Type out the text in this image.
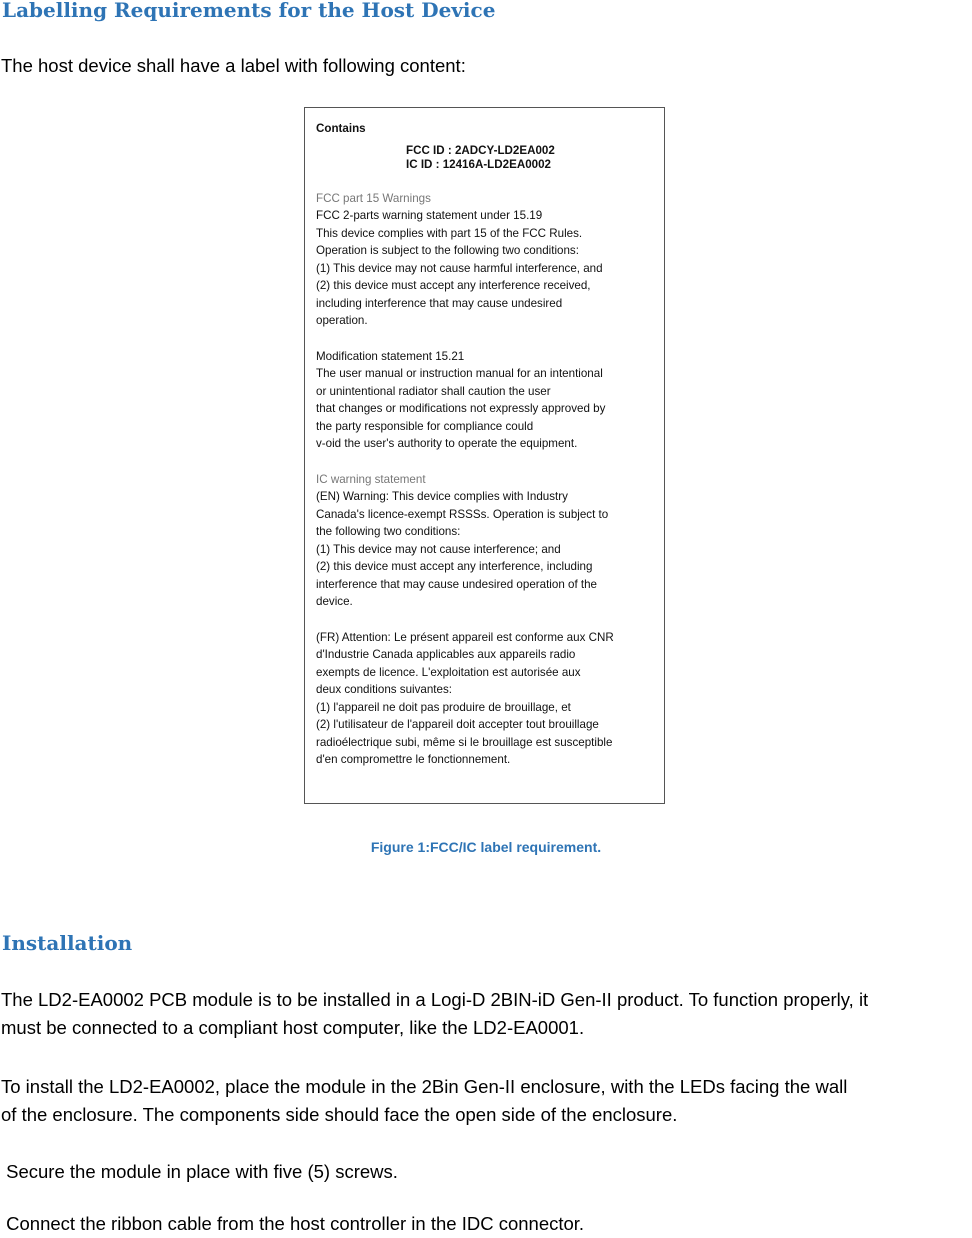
Labelling Requirements for the Host Device

The host device shall have a label with following content:

Contains
FCC ID : 2ADCY-LD2EA002
IC ID : 12416A-LD2EA0002
FCC part 15 Warnings
FCC 2-parts warning statement under 15.19
This device complies with part 15 of the FCC Rules.
Operation is subject to the following two conditions:
(1) This device may not cause harmful interference, and
(2) this device must accept any interference received,
including interference that may cause undesired
operation.
Modification statement 15.21
The user manual or instruction manual for an intentional
or unintentional radiator shall caution the user
that changes or modifications not expressly approved by
the party responsible for compliance could
v-oid the user's authority to operate the equipment.
IC warning statement
(EN) Warning: This device complies with Industry
Canada's licence-exempt RSSSs. Operation is subject to
the following two conditions:
(1) This device may not cause interference; and
(2) this device must accept any interference, including
interference that may cause undesired operation of the
device.
(FR) Attention: Le présent appareil est conforme aux CNR
d'Industrie Canada applicables aux appareils radio
exempts de licence. L'exploitation est autorisée aux
deux conditions suivantes:
(1) l'appareil ne doit pas produire de brouillage, et
(2) l'utilisateur de l'appareil doit accepter tout brouillage
radioélectrique subi, même si le brouillage est susceptible
d'en compromettre le fonctionnement.
Figure 1:FCC/IC label requirement.
Installation

The LD2-EA0002 PCB module is to be installed in a Logi-D 2BIN-iD Gen-II product. To function properly, it

must be connected to a compliant host computer, like the LD2-EA0001.

To install the LD2-EA0002, place the module in the 2Bin Gen-II enclosure, with the LEDs facing the wall

of the enclosure. The components side should face the open side of the enclosure.

Secure the module in place with five (5) screws.

Connect the ribbon cable from the host controller in the IDC connector.
